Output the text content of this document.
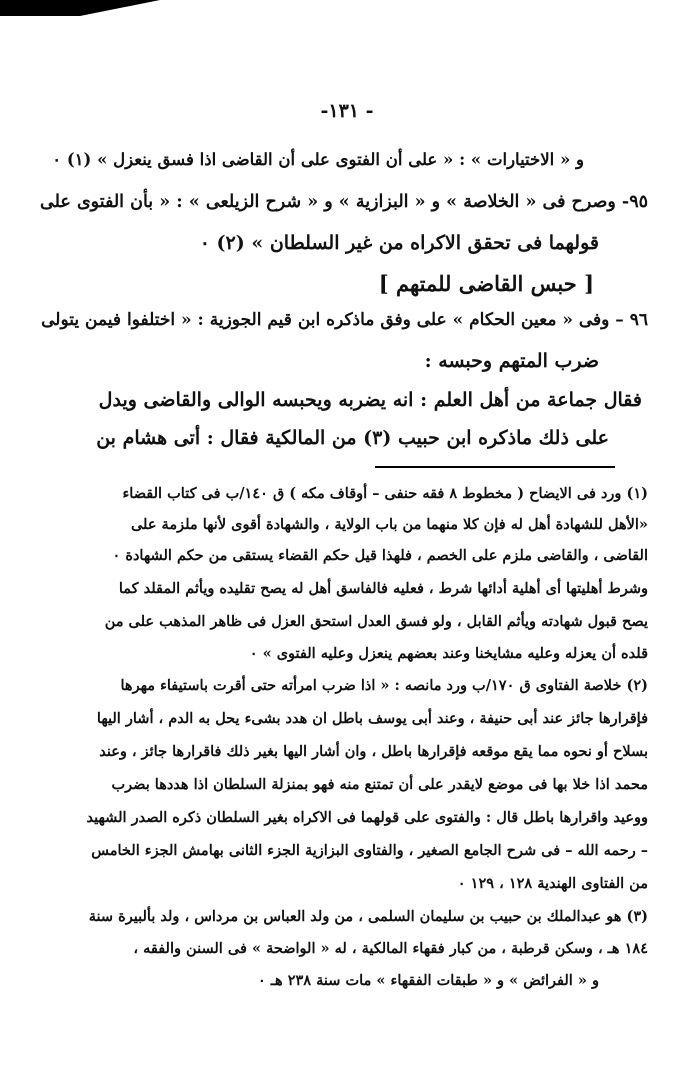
-١٣١ -
و « الاختيارات » : « على أن الفتوى على أن القاضى اذا فسق ينعزل » (١) ٠
٩٥- وصرح فى « الخلاصة » و « البزازية » و « شرح الزيلعى » : « بأن الفتوى على
قولهما فى تحقق الاكراه من غير السلطان » (٢) ٠
[ حبس القاضى للمتهم ]
٩٦ – وفى « معين الحكام » على وفق ماذكره ابن قيم الجوزية : « اختلفوا فيمن يتولى
ضرب المتهم وحبسه :
فقال جماعة من أهل العلم : انه يضربه ويحبسه الوالى والقاضى ويدل
على ذلك ماذكره ابن حبيب (٣) من المالكية فقال : أتى هشام بن
(١) ورد فى الايضاح ( مخطوط ٨ فقه حنفى – أوقاف مكه ) ق ١٤٠/ب فى كتاب القضاء
«الأهل للشهادة أهل له فإن كلا منهما من باب الولاية ، والشهادة أقوى لأنها ملزمة على
القاضى ، والقاضى ملزم على الخصم ، فلهذا قيل حكم القضاء يستقى من حكم الشهادة ٠
وشرط أهليتها أى أهلية أدائها شرط ، فعليه فالفاسق أهل له يصح تقليده ويأثم المقلد كما
يصح قبول شهادته ويأثم القابل ، ولو فسق العدل استحق العزل فى ظاهر المذهب على من
قلده أن يعزله وعليه مشايخنا وعند بعضهم ينعزل وعليه الفتوى » ٠
(٢) خلاصة الفتاوى ق ١٧٠/ب ورد مانصه : « اذا ضرب امرأته حتى أقرت باستيفاء مهرها
فإقرارها جائز عند أبى حنيفة ، وعند أبى يوسف باطل ان هدد بشىء يحل به الدم ، أشار اليها
بسلاح أو نحوه مما يقع موقعه فإقرارها باطل ، وان أشار اليها بغير ذلك فاقرارها جائز ، وعند
محمد اذا خلا بها فى موضع لايقدر على أن تمتنع منه فهو بمنزلة السلطان اذا هددها بضرب
ووعيد واقرارها باطل قال : والفتوى على قولهما فى الاكراه بغير السلطان ذكره الصدر الشهيد
– رحمه الله – فى شرح الجامع الصغير ، والفتاوى البزازية الجزء الثانى بهامش الجزء الخامس
من الفتاوى الهندية ١٢٨ ، ١٢٩ ٠
(٣) هو عبدالملك بن حبيب بن سليمان السلمى ، من ولد العباس بن مرداس ، ولد بألبيرة سنة
١٨٤ هـ ، وسكن قرطبة ، من كبار فقهاء المالكية ، له « الواضحة » فى السنن والفقه ،
و « الفرائض » و « طبقات الفقهاء » مات سنة ٢٣٨ هـ ٠
